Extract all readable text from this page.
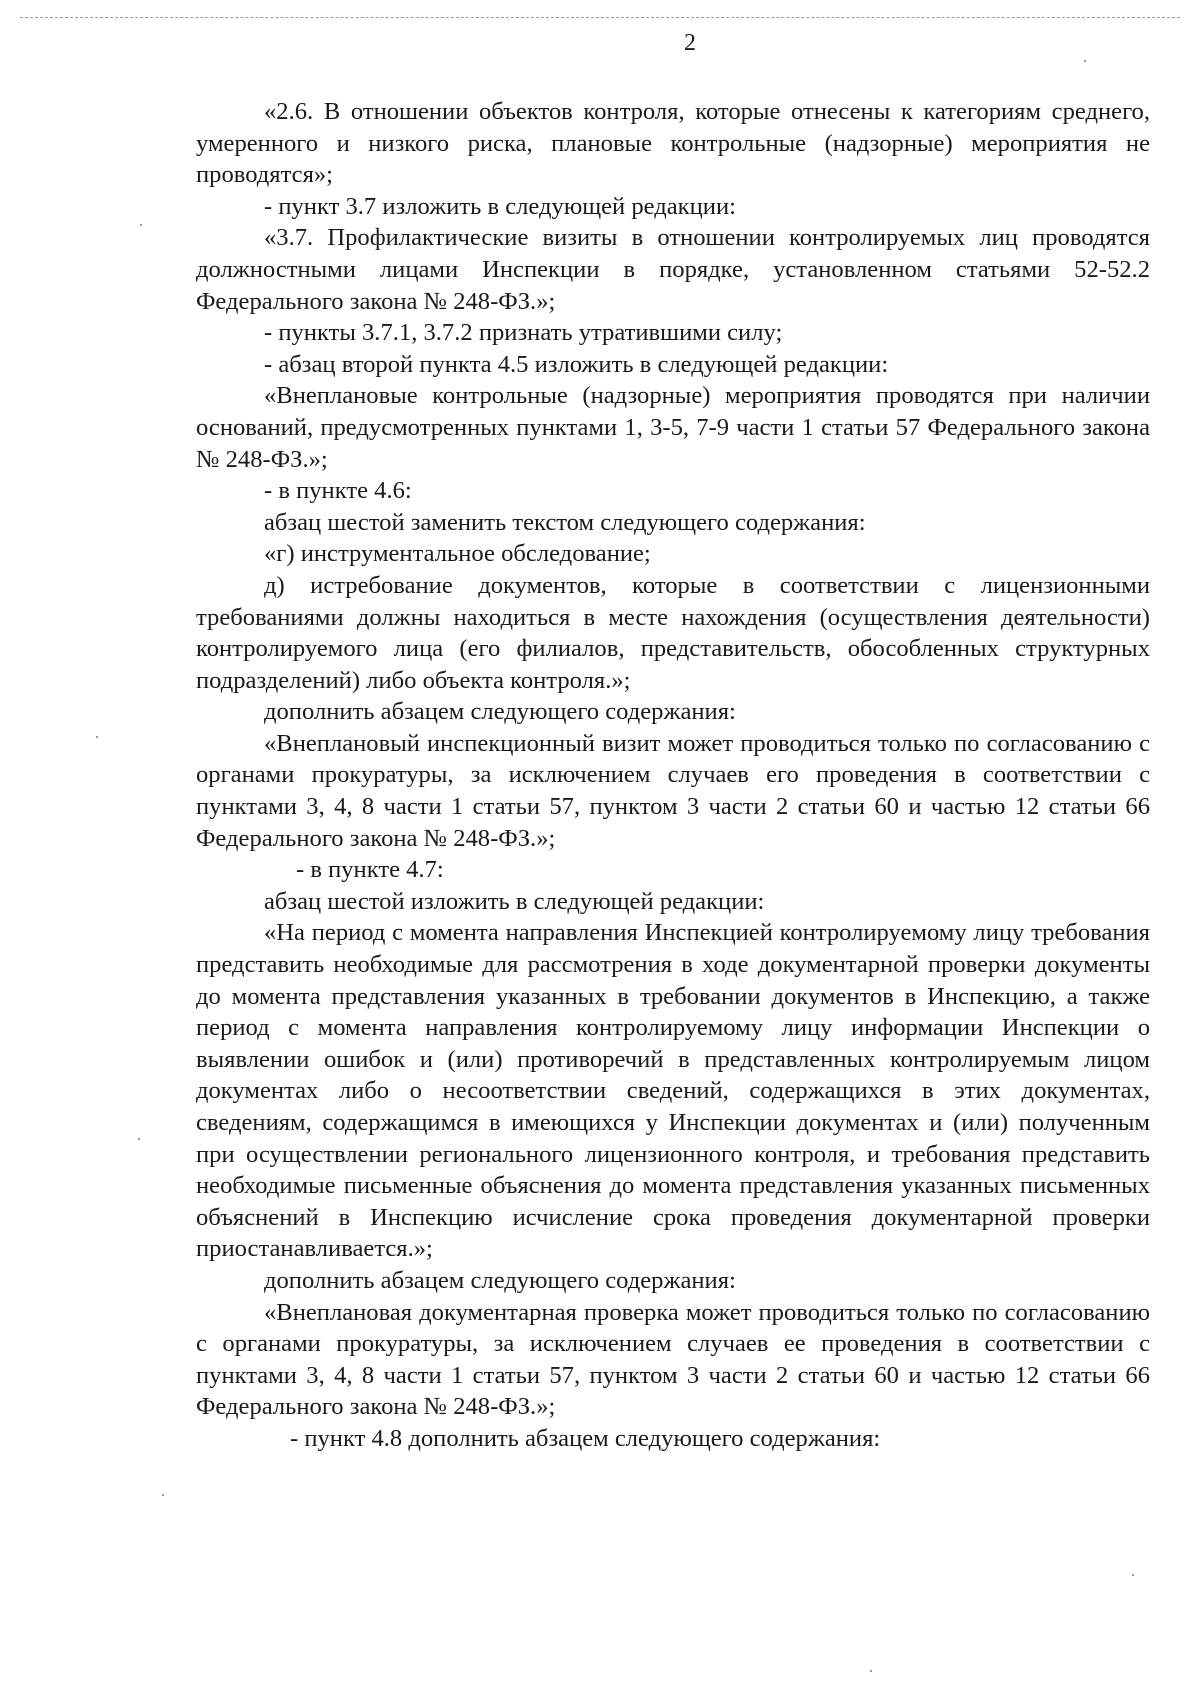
2

«2.6. В отношении объектов контроля, которые отнесены к категориям среднего, умеренного и низкого риска, плановые контрольные (надзорные) мероприятия не проводятся»;

- пункт 3.7 изложить в следующей редакции:

«3.7. Профилактические визиты в отношении контролируемых лиц проводятся должностными лицами Инспекции в порядке, установленном статьями 52-52.2 Федерального закона № 248-ФЗ.»;

- пункты 3.7.1, 3.7.2 признать утратившими силу;

- абзац второй пункта 4.5 изложить в следующей редакции:

«Внеплановые контрольные (надзорные) мероприятия проводятся при наличии оснований, предусмотренных пунктами 1, 3-5, 7-9 части 1 статьи 57 Федерального закона № 248-ФЗ.»;

- в пункте 4.6:

абзац шестой заменить текстом следующего содержания:

«г) инструментальное обследование;

д) истребование документов, которые в соответствии с лицензионными требованиями должны находиться в месте нахождения (осуществления деятельности) контролируемого лица (его филиалов, представительств, обособленных структурных подразделений) либо объекта контроля.»;

дополнить абзацем следующего содержания:

«Внеплановый инспекционный визит может проводиться только по согласованию с органами прокуратуры, за исключением случаев его проведения в соответствии с пунктами 3, 4, 8 части 1 статьи 57, пунктом 3 части 2 статьи 60 и частью 12 статьи 66 Федерального закона № 248-ФЗ.»;

- в пункте 4.7:

абзац шестой изложить в следующей редакции:

«На период с момента направления Инспекцией контролируемому лицу требования представить необходимые для рассмотрения в ходе документарной проверки документы до момента представления указанных в требовании документов в Инспекцию, а также период с момента направления контролируемому лицу информации Инспекции о выявлении ошибок и (или) противоречий в представленных контролируемым лицом документах либо о несоответствии сведений, содержащихся в этих документах, сведениям, содержащимся в имеющихся у Инспекции документах и (или) полученным при осуществлении регионального лицензионного контроля, и требования представить необходимые письменные объяснения до момента представления указанных письменных объяснений в Инспекцию исчисление срока проведения документарной проверки приостанавливается.»;

дополнить абзацем следующего содержания:

«Внеплановая документарная проверка может проводиться только по согласованию с органами прокуратуры, за исключением случаев ее проведения в соответствии с пунктами 3, 4, 8 части 1 статьи 57, пунктом 3 части 2 статьи 60 и частью 12 статьи 66 Федерального закона № 248-ФЗ.»;

- пункт 4.8 дополнить абзацем следующего содержания:
